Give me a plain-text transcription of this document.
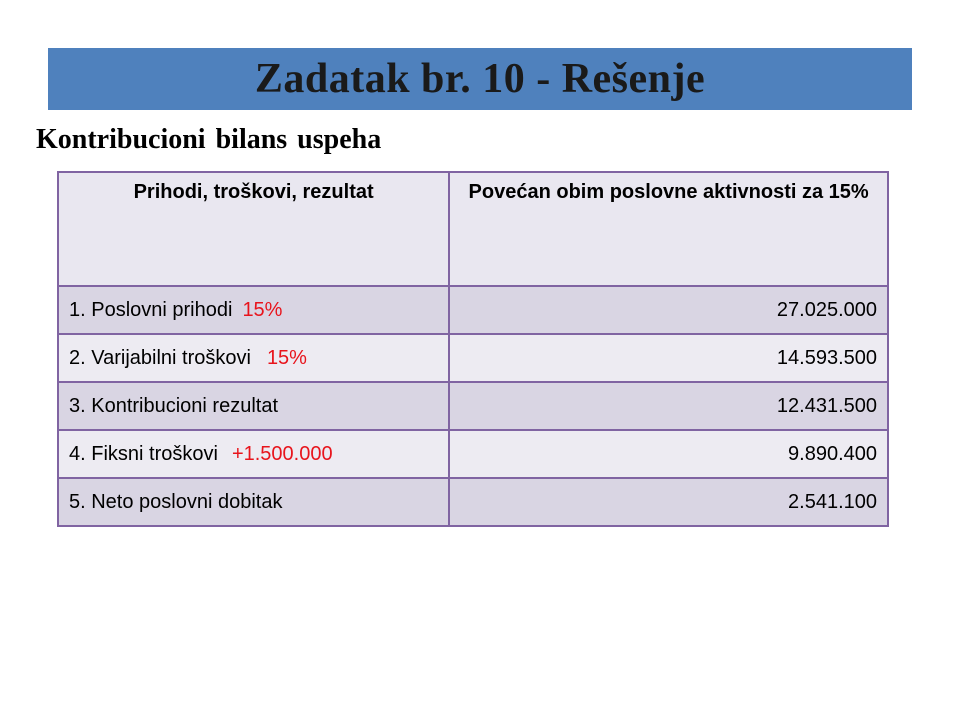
Zadatak br. 10 - Rešenje
Kontribucioni bilans uspeha
Prihodi, troškovi, rezultat	Povećan obim poslovne aktivnosti za 15%
1. Poslovni prihodi 15%	27.025.000
2. Varijabilni troškovi 15%	14.593.500
3. Kontribucioni rezultat	12.431.500
4. Fiksni troškovi +1.500.000	9.890.400
5. Neto poslovni dobitak	2.541.100
